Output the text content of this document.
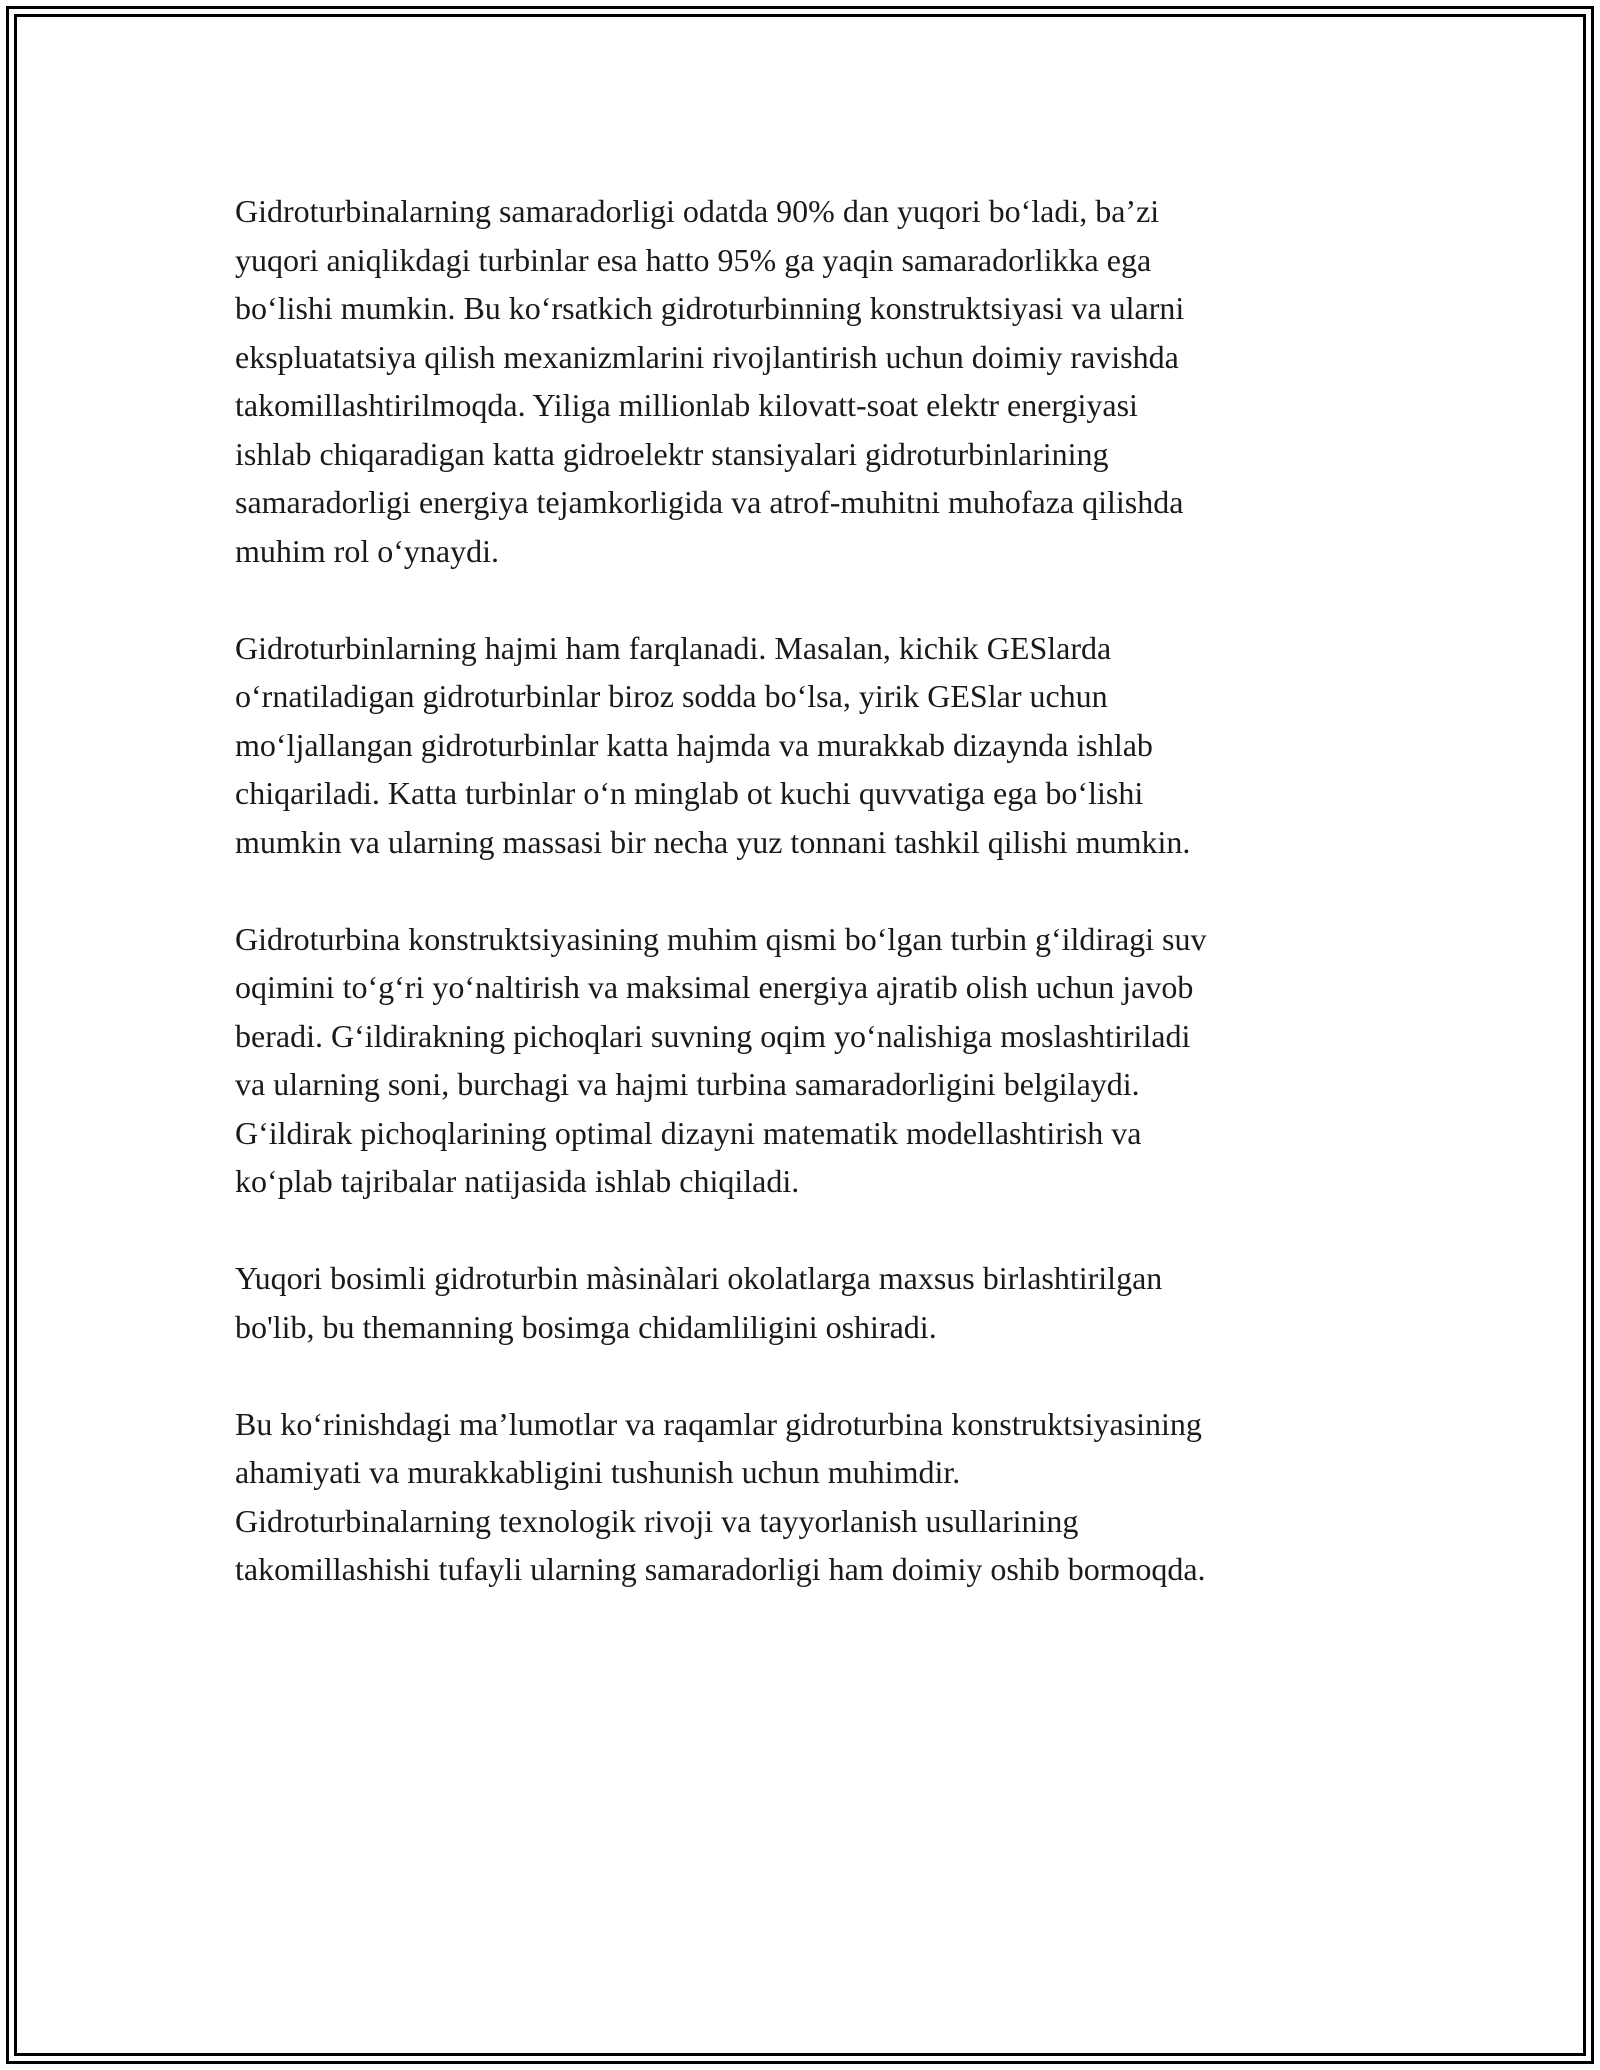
Gidroturbinalarning samaradorligi odatda 90% dan yuqori bo‘ladi, ba’zi
yuqori aniqlikdagi turbinlar esa hatto 95% ga yaqin samaradorlikka ega
bo‘lishi mumkin. Bu ko‘rsatkich gidroturbinning konstruktsiyasi va ularni
ekspluatatsiya qilish mexanizmlarini rivojlantirish uchun doimiy ravishda
takomillashtirilmoqda. Yiliga millionlab kilovatt-soat elektr energiyasi
ishlab chiqaradigan katta gidroelektr stansiyalari gidroturbinlarining
samaradorligi energiya tejamkorligida va atrof-muhitni muhofaza qilishda
muhim rol o‘ynaydi.

Gidroturbinlarning hajmi ham farqlanadi. Masalan, kichik GESlarda
o‘rnatiladigan gidroturbinlar biroz sodda bo‘lsa, yirik GESlar uchun
mo‘ljallangan gidroturbinlar katta hajmda va murakkab dizaynda ishlab
chiqariladi. Katta turbinlar o‘n minglab ot kuchi quvvatiga ega bo‘lishi
mumkin va ularning massasi bir necha yuz tonnani tashkil qilishi mumkin.

Gidroturbina konstruktsiyasining muhim qismi bo‘lgan turbin g‘ildiragi suv
oqimini to‘g‘ri yo‘naltirish va maksimal energiya ajratib olish uchun javob
beradi. G‘ildirakning pichoqlari suvning oqim yo‘nalishiga moslashtiriladi
va ularning soni, burchagi va hajmi turbina samaradorligini belgilaydi.
G‘ildirak pichoqlarining optimal dizayni matematik modellashtirish va
ko‘plab tajribalar natijasida ishlab chiqiladi.

Yuqori bosimli gidroturbin màsinàlari okolatlarga maxsus birlashtirilgan
bo'lib, bu themanning bosimga chidamliligini oshiradi.

Bu ko‘rinishdagi ma’lumotlar va raqamlar gidroturbina konstruktsiyasining
ahamiyati va murakkabligini tushunish uchun muhimdir.
Gidroturbinalarning texnologik rivoji va tayyorlanish usullarining
takomillashishi tufayli ularning samaradorligi ham doimiy oshib bormoqda.
